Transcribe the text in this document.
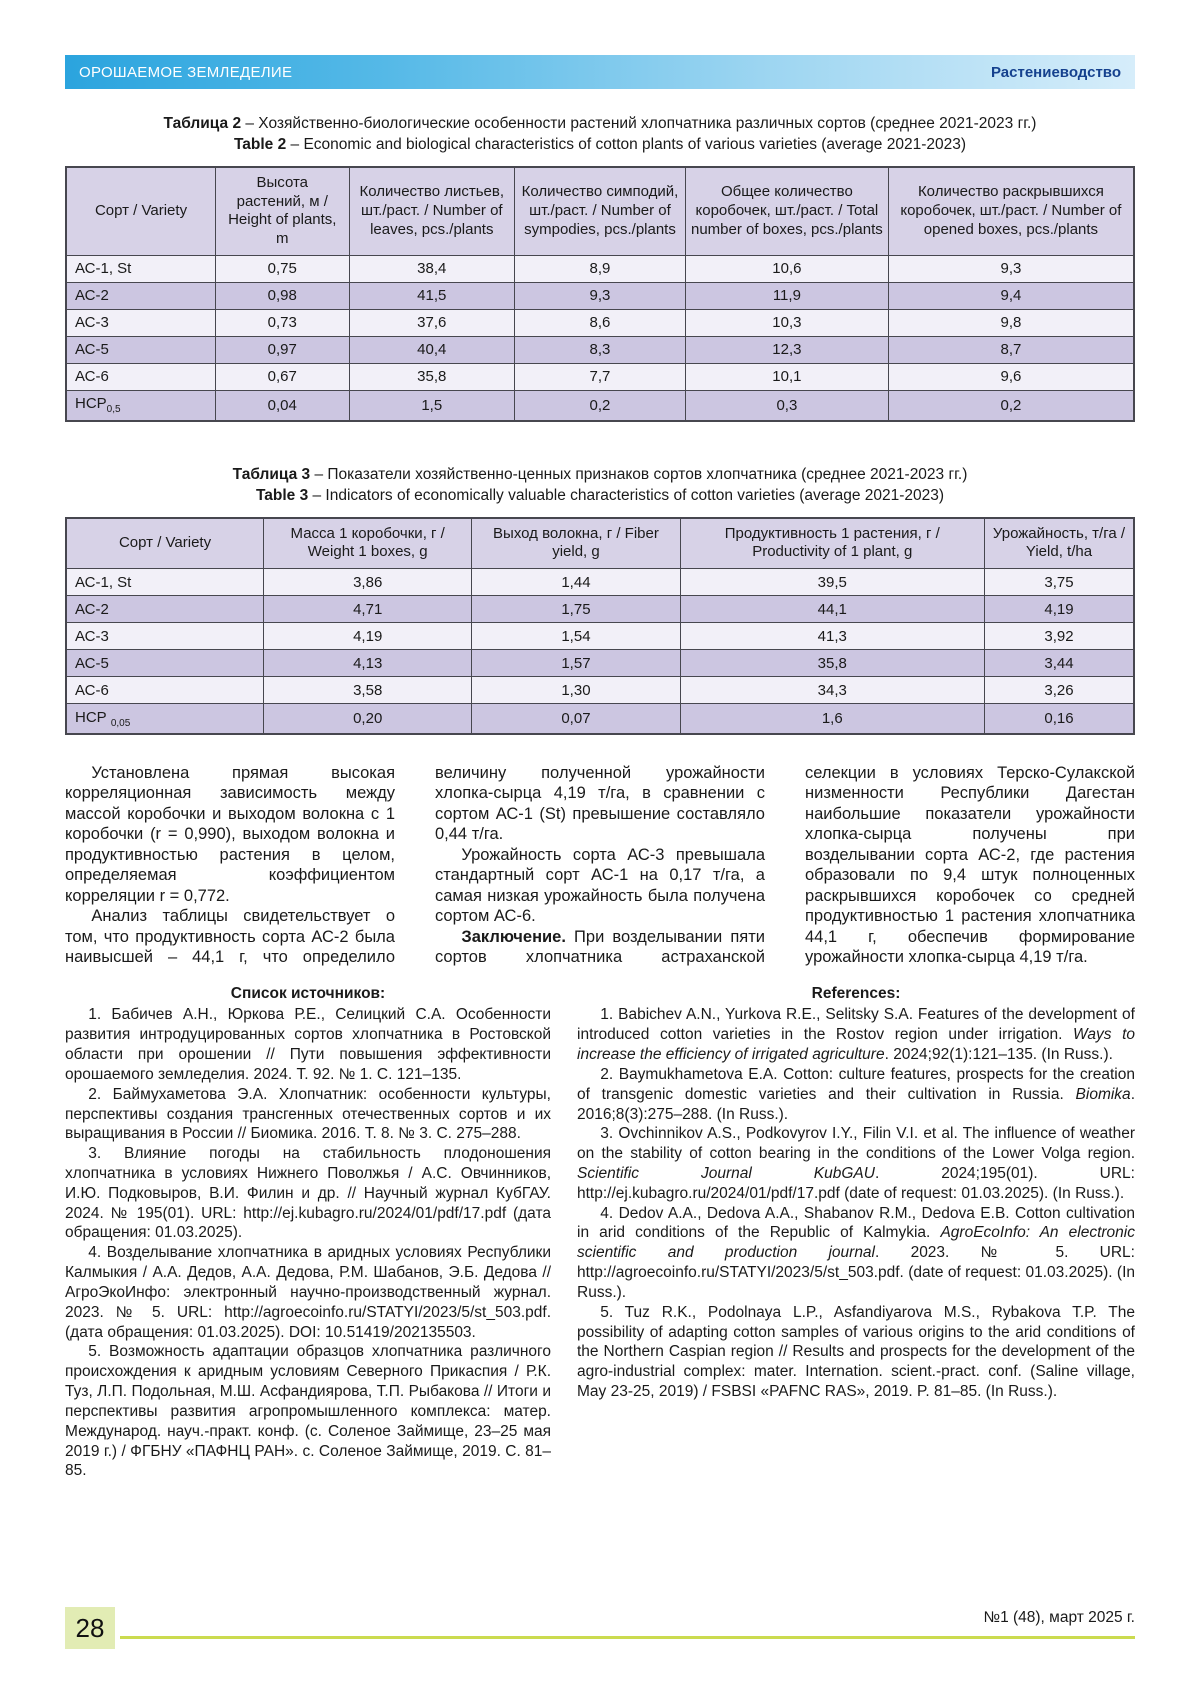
ОРОШАЕМОЕ ЗЕМЛЕДЕЛИЕ	Растениеводство
Таблица 2 – Хозяйственно-биологические особенности растений хлопчатника различных сортов (среднее 2021-2023 гг.)
Table 2 – Economic and biological characteristics of cotton plants of various varieties (average 2021-2023)
Сорт / Variety	Высота растений, м / Height of plants, m	Количество листьев, шт./раст. / Number of leaves, pcs./plants	Количество симподий, шт./раст. / Number of sympodies, pcs./plants	Общее количество коробочек, шт./раст. / Total number of boxes, pcs./plants	Количество раскрывшихся коробочек, шт./раст. / Number of opened boxes, pcs./plants
АС-1, St	0,75	38,4	8,9	10,6	9,3
АС-2	0,98	41,5	9,3	11,9	9,4
АС-3	0,73	37,6	8,6	10,3	9,8
АС-5	0,97	40,4	8,3	12,3	8,7
АС-6	0,67	35,8	7,7	10,1	9,6
$НСР_{0,5}$	0,04	1,5	0,2	0,3	0,2
Таблица 3 – Показатели хозяйственно-ценных признаков сортов хлопчатника (среднее 2021-2023 гг.)
Table 3 – Indicators of economically valuable characteristics of cotton varieties (average 2021-2023)
Сорт / Variety	Масса 1 коробочки, г / Weight 1 boxes, g	Выход волокна, г / Fiber yield, g	Продуктивность 1 растения, г / Productivity of 1 plant, g	Урожайность, т/га / Yield, t/ha
АС-1, St	3,86	1,44	39,5	3,75
АС-2	4,71	1,75	44,1	4,19
АС-3	4,19	1,54	41,3	3,92
АС-5	4,13	1,57	35,8	3,44
АС-6	3,58	1,30	34,3	3,26
НСР $_{0,05}$	0,20	0,07	1,6	0,16

Установлена прямая высокая корреляционная зависимость между массой коробочки и выходом волокна с 1 коробочки (r = 0,990), выходом волокна и продуктивностью растения в целом, определяемая коэффициентом корреляции r = 0,772.

Анализ таблицы свидетельствует о том, что продуктивность сорта АС-2 была наивысшей – 44,1 г, что определило величину полученной урожайности хлопка-сырца 4,19 т/га, в сравнении с сортом АС-1 (St) превышение составляло 0,44 т/га.

Урожайность сорта АС-3 превышала стандартный сорт АС-1 на 0,17 т/га, а самая низкая урожайность была получена сортом АС-6.

Заключение. При возделывании пяти сортов хлопчатника астраханской селекции в условиях Терско-Сулакской низменности Республики Дагестан наибольшие показатели урожайности хлопка-сырца получены при возделывании сорта АС-2, где растения образовали по 9,4 штук полноценных раскрывшихся коробочек со средней продуктивностью 1 растения хлопчатника 44,1 г, обеспечив формирование урожайности хлопка-сырца 4,19 т/га.

Список источников:

1. Бабичев А.Н., Юркова Р.Е., Селицкий С.А. Особенности развития интродуцированных сортов хлопчатника в Ростовской области при орошении // Пути повышения эффективности орошаемого земледелия. 2024. Т. 92. № 1. С. 121–135.

2. Баймухаметова Э.А. Хлопчатник: особенности культуры, перспективы создания трансгенных отечественных сортов и их выращивания в России // Биомика. 2016. Т. 8. № 3. С. 275–288.

3. Влияние погоды на стабильность плодоношения хлопчатника в условиях Нижнего Поволжья / А.С. Овчинников, И.Ю. Подковыров, В.И. Филин и др. // Научный журнал КубГАУ. 2024. № 195(01). URL: http://ej.kubagro.ru/2024/01/pdf/17.pdf (дата обращения: 01.03.2025).

4. Возделывание хлопчатника в аридных условиях Республики Калмыкия / А.А. Дедов, А.А. Дедова, Р.М. Шабанов, Э.Б. Дедова // АгроЭкоИнфо: электронный научно-производственный журнал. 2023. № 5. URL: http://agroecoinfo.ru/STATYI/2023/5/st_503.pdf. (дата обращения: 01.03.2025). DOI: 10.51419/202135503.

5. Возможность адаптации образцов хлопчатника различного происхождения к аридным условиям Северного Прикаспия / Р.К. Туз, Л.П. Подольная, М.Ш. Асфандиярова, Т.П. Рыбакова // Итоги и перспективы развития агропромышленного комплекса: матер. Международ. науч.-практ. конф. (с. Соленое Займище, 23–25 мая 2019 г.) / ФГБНУ «ПАФНЦ РАН». с. Соленое Займище, 2019. С. 81–85.

References:

1. Babichev A.N., Yurkova R.E., Selitsky S.A. Features of the development of introduced cotton varieties in the Rostov region under irrigation. Ways to increase the efficiency of irrigated agriculture. 2024;92(1):121–135. (In Russ.).

2. Baymukhametova E.A. Cotton: culture features, prospects for the creation of transgenic domestic varieties and their cultivation in Russia. Biomika. 2016;8(3):275–288. (In Russ.).

3. Ovchinnikov A.S., Podkovyrov I.Y., Filin V.I. et al. The influence of weather on the stability of cotton bearing in the conditions of the Lower Volga region. Scientific Journal KubGAU. 2024;195(01). URL: http://ej.kubagro.ru/2024/01/pdf/17.pdf (date of request: 01.03.2025). (In Russ.).

4. Dedov A.A., Dedova A.A., Shabanov R.M., Dedova E.B. Cotton cultivation in arid conditions of the Republic of Kalmykia. AgroEcoInfo: An electronic scientific and production journal. 2023. № 5. URL: http://agroecoinfo.ru/STATYI/2023/5/st_503.pdf. (date of request: 01.03.2025). (In Russ.).

5. Tuz R.K., Podolnaya L.P., Asfandiyarova M.S., Rybakova T.P. The possibility of adapting cotton samples of various origins to the arid conditions of the Northern Caspian region // Results and prospects for the development of the agro-industrial complex: mater. Internation. scient.-pract. conf. (Saline village, May 23-25, 2019) / FSBSI «PAFNC RAS», 2019. P. 81–85. (In Russ.).

28	№1 (48), март 2025 г.
